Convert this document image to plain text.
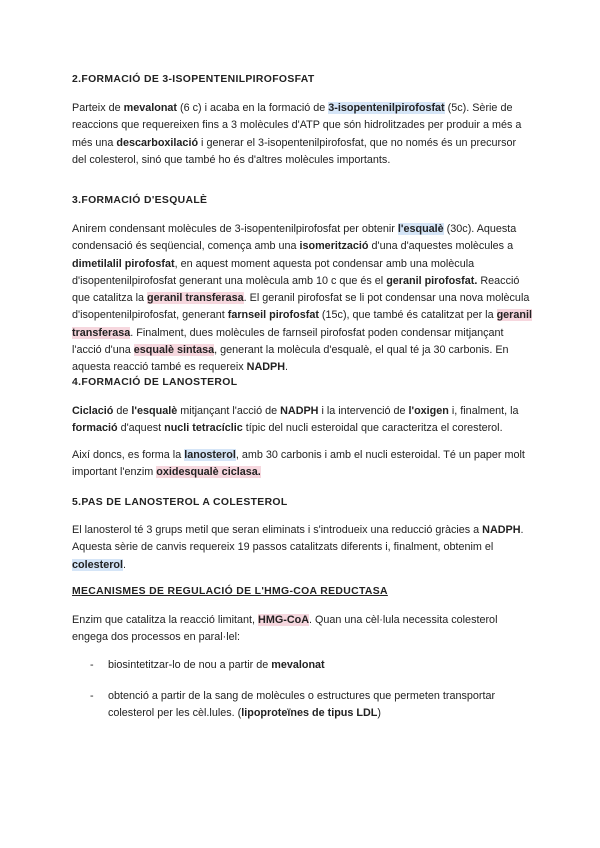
2.FORMACIÓ DE 3-ISOPENTENILPIROFOSFAT

Parteix de mevalonat (6 c) i acaba en la formació de 3-isopentenilpirofosfat (5c). Sèrie de reaccions que requereixen fins a 3 molècules d'ATP que són hidrolitzades per produir a més a més una descarboxilació i generar el 3-isopentenilpirofosfat, que no només és un precursor del colesterol, sinó que també ho és d'altres molècules importants.

3.FORMACIÓ D'ESQUALÈ

Anirem condensant molècules de 3-isopentenilpirofosfat per obtenir l'esqualè (30c). Aquesta condensació és seqüencial, comença amb una isomerització d'una d'aquestes molècules a dimetilalil pirofosfat, en aquest moment aquesta pot condensar amb una molècula d'isopentenilpirofosfat generant una molècula amb 10 c que és el geranil pirofosfat. Reacció que catalitza la geranil transferasa. El geranil pirofosfat se li pot condensar una nova molècula d'isopentenilpirofosfat, generant farnseil pirofosfat (15c), que també és catalitzat per la geranil transferasa. Finalment, dues molècules de farnseil pirofosfat poden condensar mitjançant l'acció d'una esqualè sintasa, generant la molècula d'esqualè, el qual té ja 30 carbonis. En aquesta reacció també es requereix NADPH.

4.FORMACIÓ DE LANOSTEROL

Ciclació de l'esqualè mitjançant l'acció de NADPH i la intervenció de l'oxigen i, finalment, la formació d'aquest nucli tetracíclic típic del nucli esteroidal que caracteritza el coresterol.

Així doncs, es forma la lanosterol, amb 30 carbonis i amb el nucli esteroidal. Té un paper molt important l'enzim oxidesqualè ciclasa.

5.PAS DE LANOSTEROL A COLESTEROL

El lanosterol té 3 grups metil que seran eliminats i s'introdueix una reducció gràcies a NADPH. Aquesta sèrie de canvis requereix 19 passos catalitzats diferents i, finalment, obtenim el colesterol.

MECANISMES DE REGULACIÓ DE L'HMG-COA REDUCTASA

Enzim que catalitza la reacció limitant, HMG-CoA. Quan una cèl·lula necessita colesterol engega dos processos en paral·lel:

- biosintetitzar-lo de nou a partir de mevalonat
- obtenció a partir de la sang de molècules o estructures que permeten transportar colesterol per les cèl.lules. (lipoproteïnes de tipus LDL)
